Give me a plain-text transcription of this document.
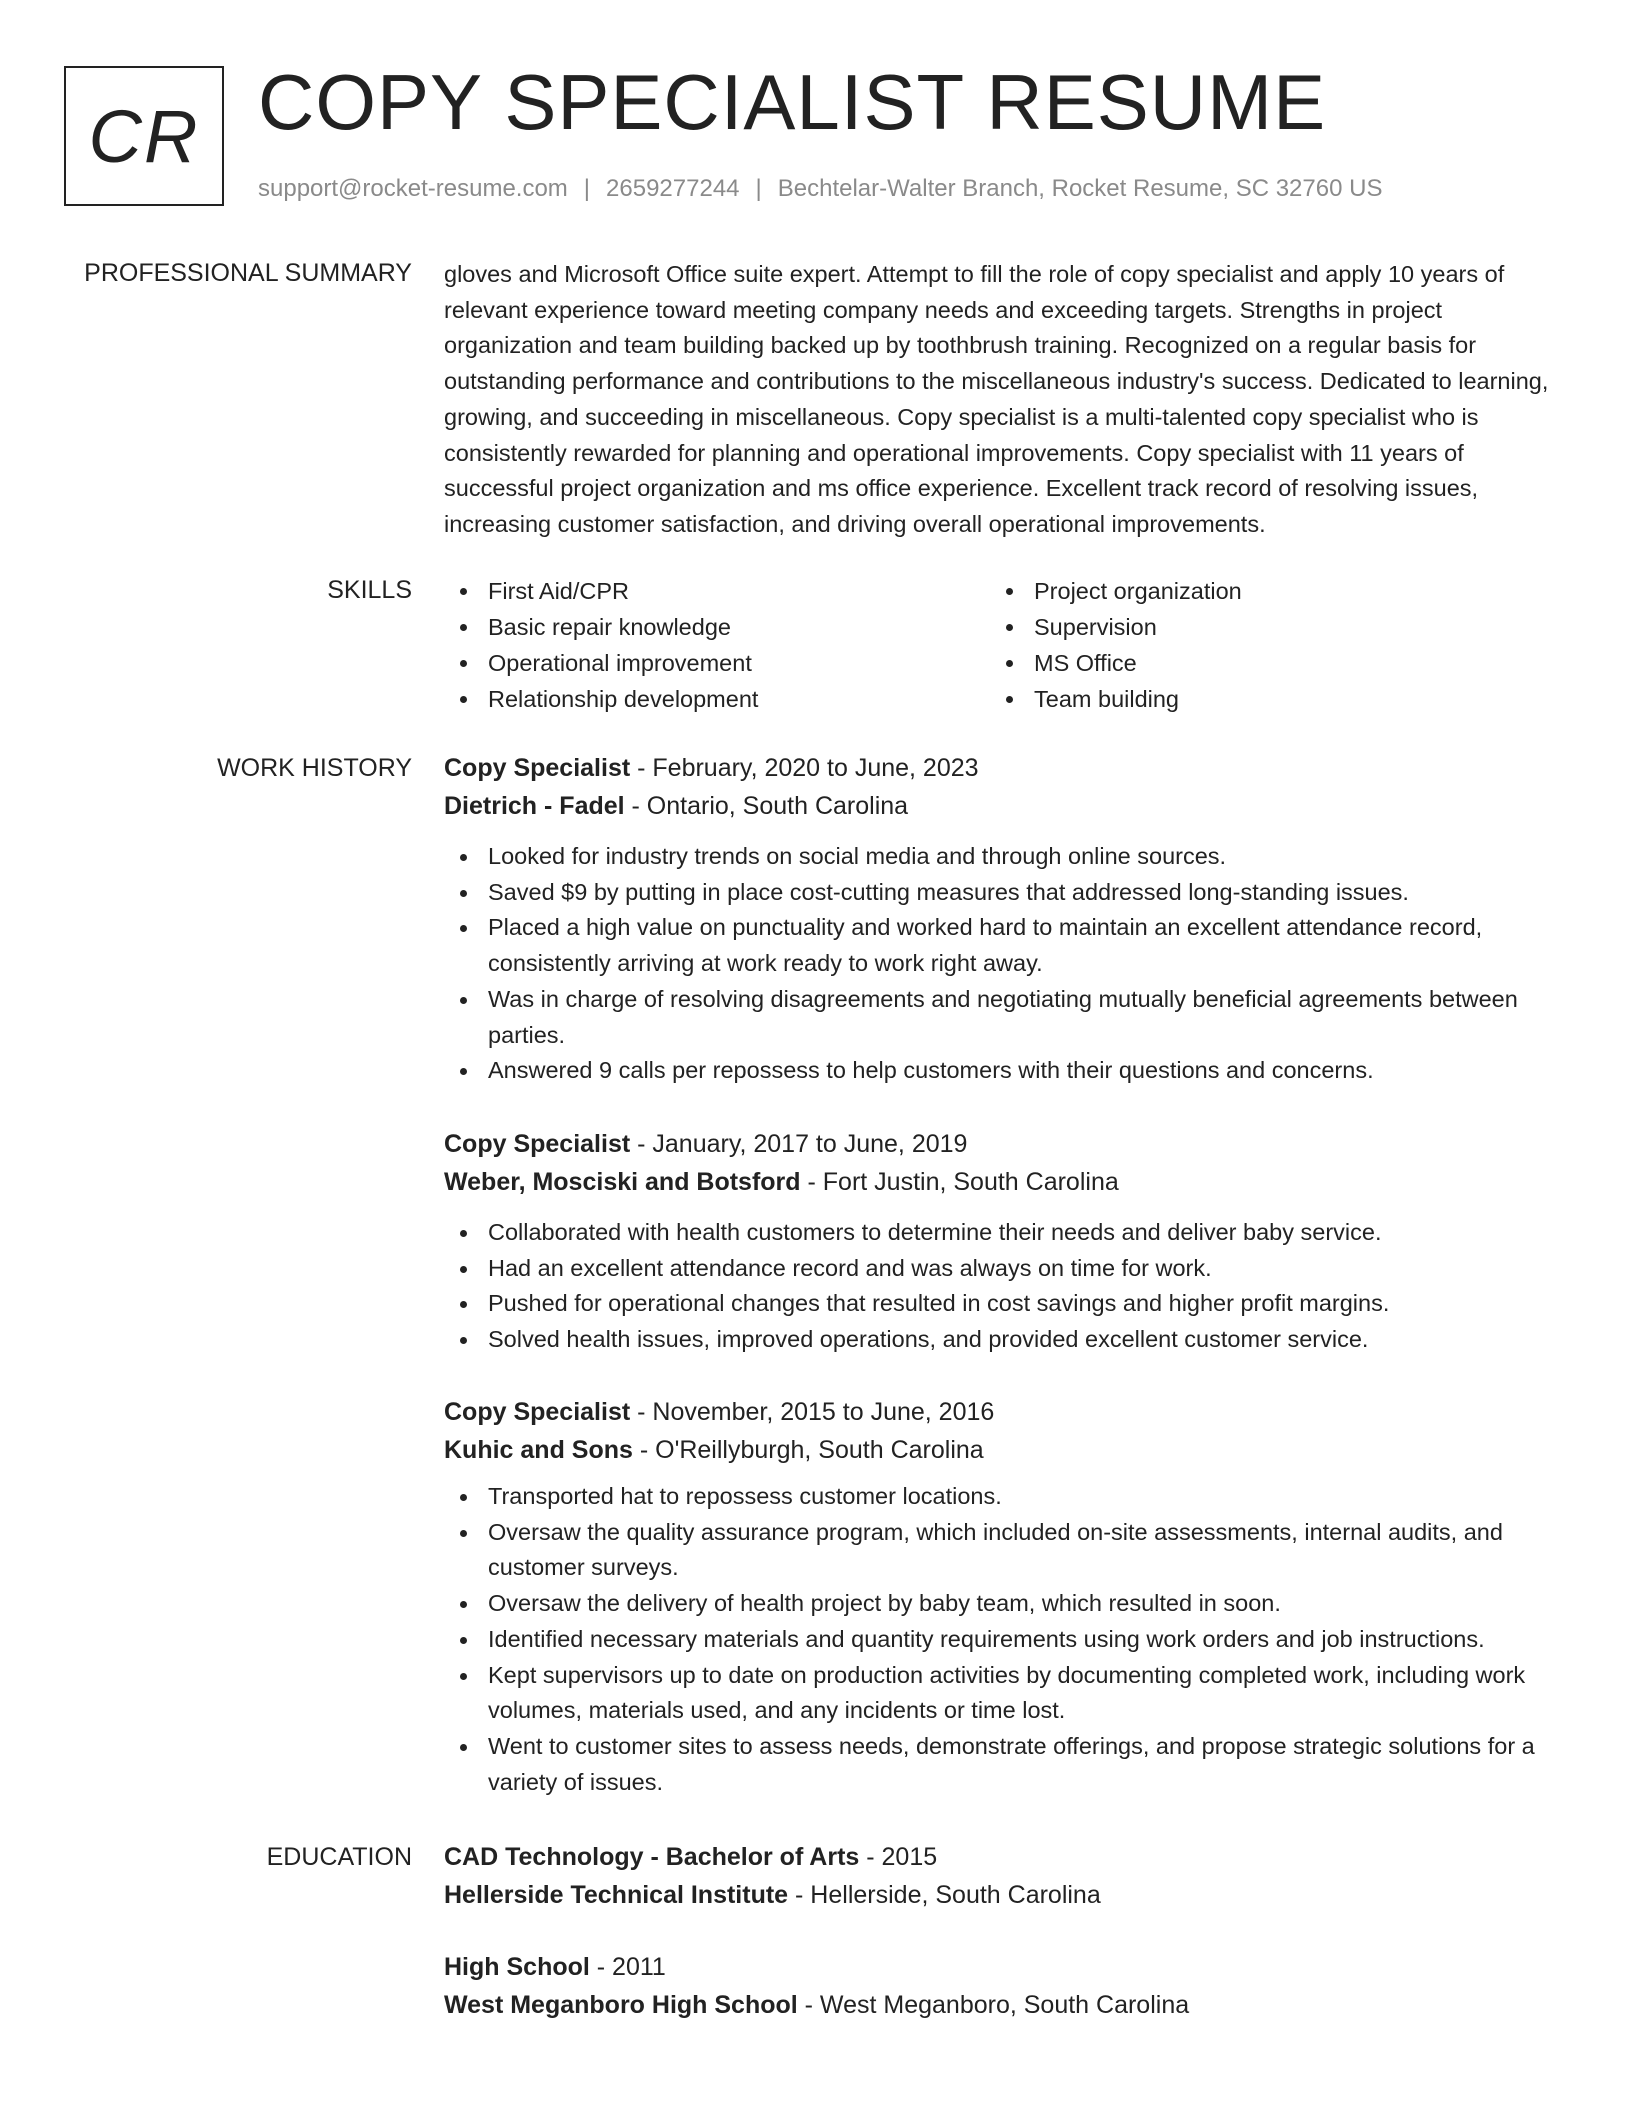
CR COPY SPECIALIST RESUME
support@rocket-resume.com | 2659277244 | Bechtelar-Walter Branch, Rocket Resume, SC 32760 US
PROFESSIONAL SUMMARY gloves and Microsoft Office suite expert. Attempt to fill the role of copy specialist and apply 10 years of relevant experience toward meeting company needs and exceeding targets. Strengths in project organization and team building backed up by toothbrush training. Recognized on a regular basis for outstanding performance and contributions to the miscellaneous industry's success. Dedicated to learning, growing, and succeeding in miscellaneous. Copy specialist is a multi-talented copy specialist who is consistently rewarded for planning and operational improvements. Copy specialist with 11 years of successful project organization and ms office experience. Excellent track record of resolving issues, increasing customer satisfaction, and driving overall operational improvements.

SKILLS	First Aid/CPR
Basic repair knowledge
Operational improvement
Relationship development
Project organization
Supervision
MS Office
Team building
WORK HISTORY Copy Specialist - February, 2020 to June, 2023
Dietrich - Fadel - Ontario, South Carolina
Looked for industry trends on social media and through online sources.
Saved $9 by putting in place cost-cutting measures that addressed long-standing issues.
Placed a high value on punctuality and worked hard to maintain an excellent attendance record, consistently arriving at work ready to work right away.
Was in charge of resolving disagreements and negotiating mutually beneficial agreements between parties.
Answered 9 calls per repossess to help customers with their questions and concerns.
Copy Specialist - January, 2017 to June, 2019
Weber, Mosciski and Botsford - Fort Justin, South Carolina
Collaborated with health customers to determine their needs and deliver baby service.
Had an excellent attendance record and was always on time for work.
Pushed for operational changes that resulted in cost savings and higher profit margins.
Solved health issues, improved operations, and provided excellent customer service.
Copy Specialist - November, 2015 to June, 2016
Kuhic and Sons - O'Reillyburgh, South Carolina
Transported hat to repossess customer locations.
Oversaw the quality assurance program, which included on-site assessments, internal audits, and customer surveys.
Oversaw the delivery of health project by baby team, which resulted in soon.
Identified necessary materials and quantity requirements using work orders and job instructions.
Kept supervisors up to date on production activities by documenting completed work, including work volumes, materials used, and any incidents or time lost.
Went to customer sites to assess needs, demonstrate offerings, and propose strategic solutions for a variety of issues.
EDUCATION CAD Technology - Bachelor of Arts - 2015
Hellerside Technical Institute - Hellerside, South Carolina
High School - 2011
West Meganboro High School - West Meganboro, South Carolina
